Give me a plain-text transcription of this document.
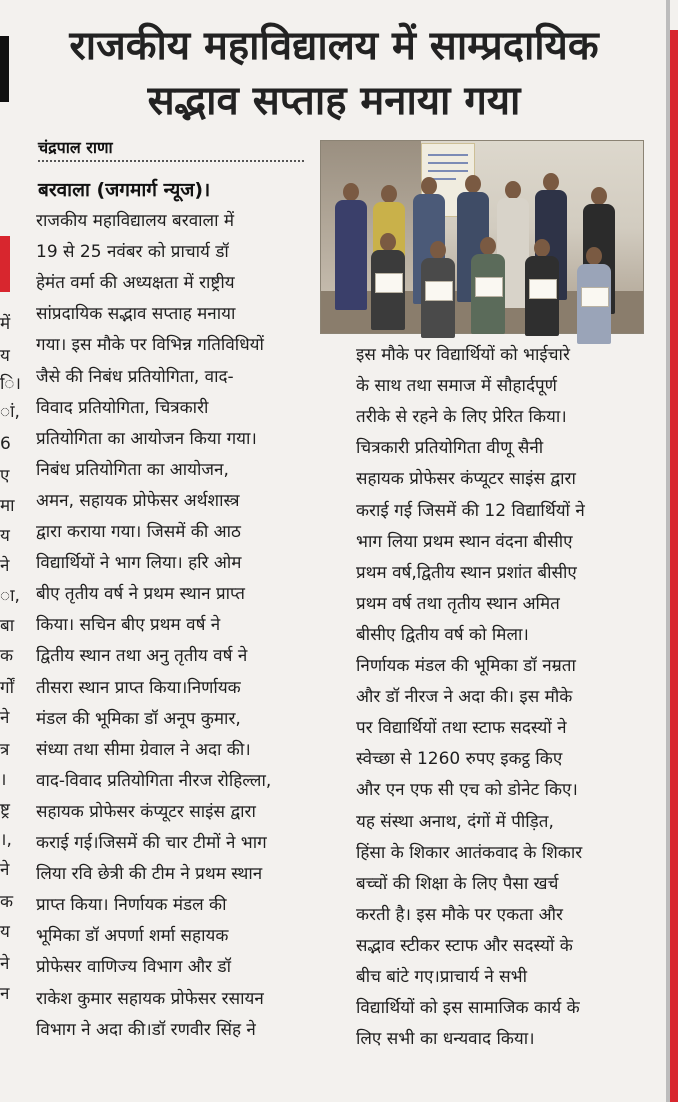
में
य
ि।
ां,
6
ए
मा
य
ने
ा,
बा
क
र्गों
ने
त्र
।
ष्ट्र
।,
ने
क
य
ने
न
राजकीय महाविद्यालय में साम्प्रदायिक
सद्भाव सप्ताह मनाया गया
चंद्रपाल राणा
बरवाला (जगमार्ग न्यूज)।
राजकीय महाविद्यालय बरवाला में
19 से 25 नवंबर को प्राचार्य डॉ
हेमंत वर्मा की अध्यक्षता में राष्ट्रीय
सांप्रदायिक सद्भाव सप्ताह मनाया
गया। इस मौके पर विभिन्न गतिविधियों
जैसे की निबंध प्रतियोगिता, वाद-
विवाद प्रतियोगिता, चित्रकारी
प्रतियोगिता का आयोजन किया गया।
निबंध प्रतियोगिता का आयोजन,
अमन, सहायक प्रोफेसर अर्थशास्त्र
द्वारा कराया गया। जिसमें की आठ
विद्यार्थियों ने भाग लिया। हरि ओम
बीए तृतीय वर्ष ने प्रथम स्थान प्राप्त
किया। सचिन बीए प्रथम वर्ष ने
द्वितीय स्थान तथा अनु तृतीय वर्ष ने
तीसरा स्थान प्राप्त किया।निर्णायक
मंडल की भूमिका डॉ अनूप कुमार,
संध्या तथा सीमा ग्रेवाल ने अदा की।
वाद-विवाद प्रतियोगिता नीरज रोहिल्ला,
सहायक प्रोफेसर कंप्यूटर साइंस द्वारा
कराई गई।जिसमें की चार टीमों ने भाग
लिया रवि छेत्री की टीम ने प्रथम स्थान
प्राप्त किया। निर्णायक मंडल की
भूमिका डॉ अपर्णा शर्मा सहायक
प्रोफेसर वाणिज्य विभाग और डॉ
राकेश कुमार सहायक प्रोफेसर रसायन
विभाग ने अदा की।डॉ रणवीर सिंह ने
इस मौके पर विद्यार्थियों को भाईचारे
के साथ तथा समाज में सौहार्दपूर्ण
तरीके से रहने के लिए प्रेरित किया।
चित्रकारी प्रतियोगिता वीणू सैनी
सहायक प्रोफेसर कंप्यूटर साइंस द्वारा
कराई गई जिसमें की 12 विद्यार्थियों ने
भाग लिया प्रथम स्थान वंदना बीसीए
प्रथम वर्ष,द्वितीय स्थान प्रशांत बीसीए
प्रथम वर्ष तथा तृतीय स्थान अमित
बीसीए द्वितीय वर्ष को मिला।
निर्णायक मंडल की भूमिका डॉ नम्रता
और डॉ नीरज ने अदा की। इस मौके
पर विद्यार्थियों तथा स्टाफ सदस्यों ने
स्वेच्छा से 1260 रुपए इकट्ठ किए
और एन एफ सी एच को डोनेट किए।
यह संस्था अनाथ, दंगों में पीड़ित,
हिंसा के शिकार आतंकवाद के शिकार
बच्चों की शिक्षा के लिए पैसा खर्च
करती है। इस मौके पर एकता और
सद्भाव स्टीकर स्टाफ और सदस्यों के
बीच बांटे गए।प्राचार्य ने सभी
विद्यार्थियों को इस सामाजिक कार्य के
लिए सभी का धन्यवाद किया।
